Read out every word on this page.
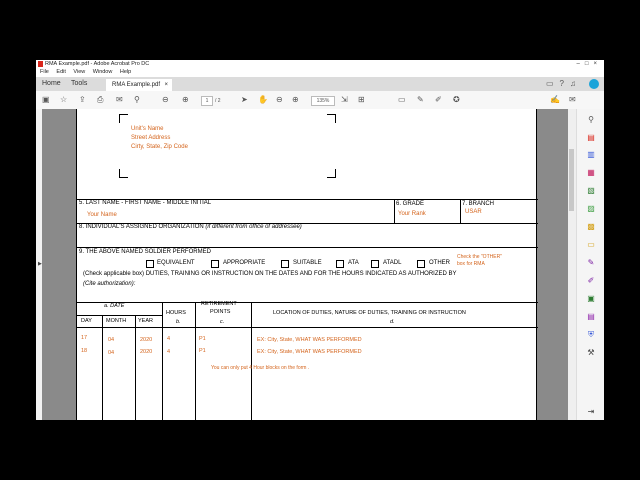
RMA Example.pdf - Adobe Acrobat Pro DC	–□×
File Edit View Window Help
Home Tools	RMA Example.pdf ×	▭?♫
▣ ☆ ⇪ ⎙ ✉ ⚲	⊖ ⊕	1	/ 2	➤ ✋ ⊖ ⊕	135%	⇲ ⊞	▭ ✎ ✐ ✪	✍ ✉
▶
Unit's Name
Street Address
Cirty, State, Zip Code
5. LAST NAME - FIRST NAME - MIDDLE INITIAL
Your Name
6. GRADE
Your Rank
7. BRANCH
USAR
8. INDIVIDUAL'S ASSIGNED ORGANIZATION (if different from office of addressee)
9. THE ABOVE NAMED SOLDIER PERFORMED
EQUIVALENT	APPROPRIATE	SUITABLE	ATA	ATADL	OTHER
Check the "OTHER"
box for RMA
(Check applicable box) DUTIES, TRAINING OR INSTRUCTION ON THE DATES AND FOR THE HOURS INDICATED AS AUTHORIZED BY
(Cite authorization):
a. DATE
DAY	MONTH YEAR
HOURS
b.
RETIREMENT
POINTS
c.
LOCATION OF DUTIES, NATURE OF DUTIES, TRAINING OR INSTRUCTION
d.
17	04	2020	4	P1	EX: City, State, WHAT WAS PERFORMED
18	04	2020	4	P1	EX: City, State, WHAT WAS PERFORMED
You can only put 4 Hour blocks on the form .
⚲
▤
▥
▦
▧
▨
▩
▭
✎
✐
▣
▤
⛨
⚒
⇥
